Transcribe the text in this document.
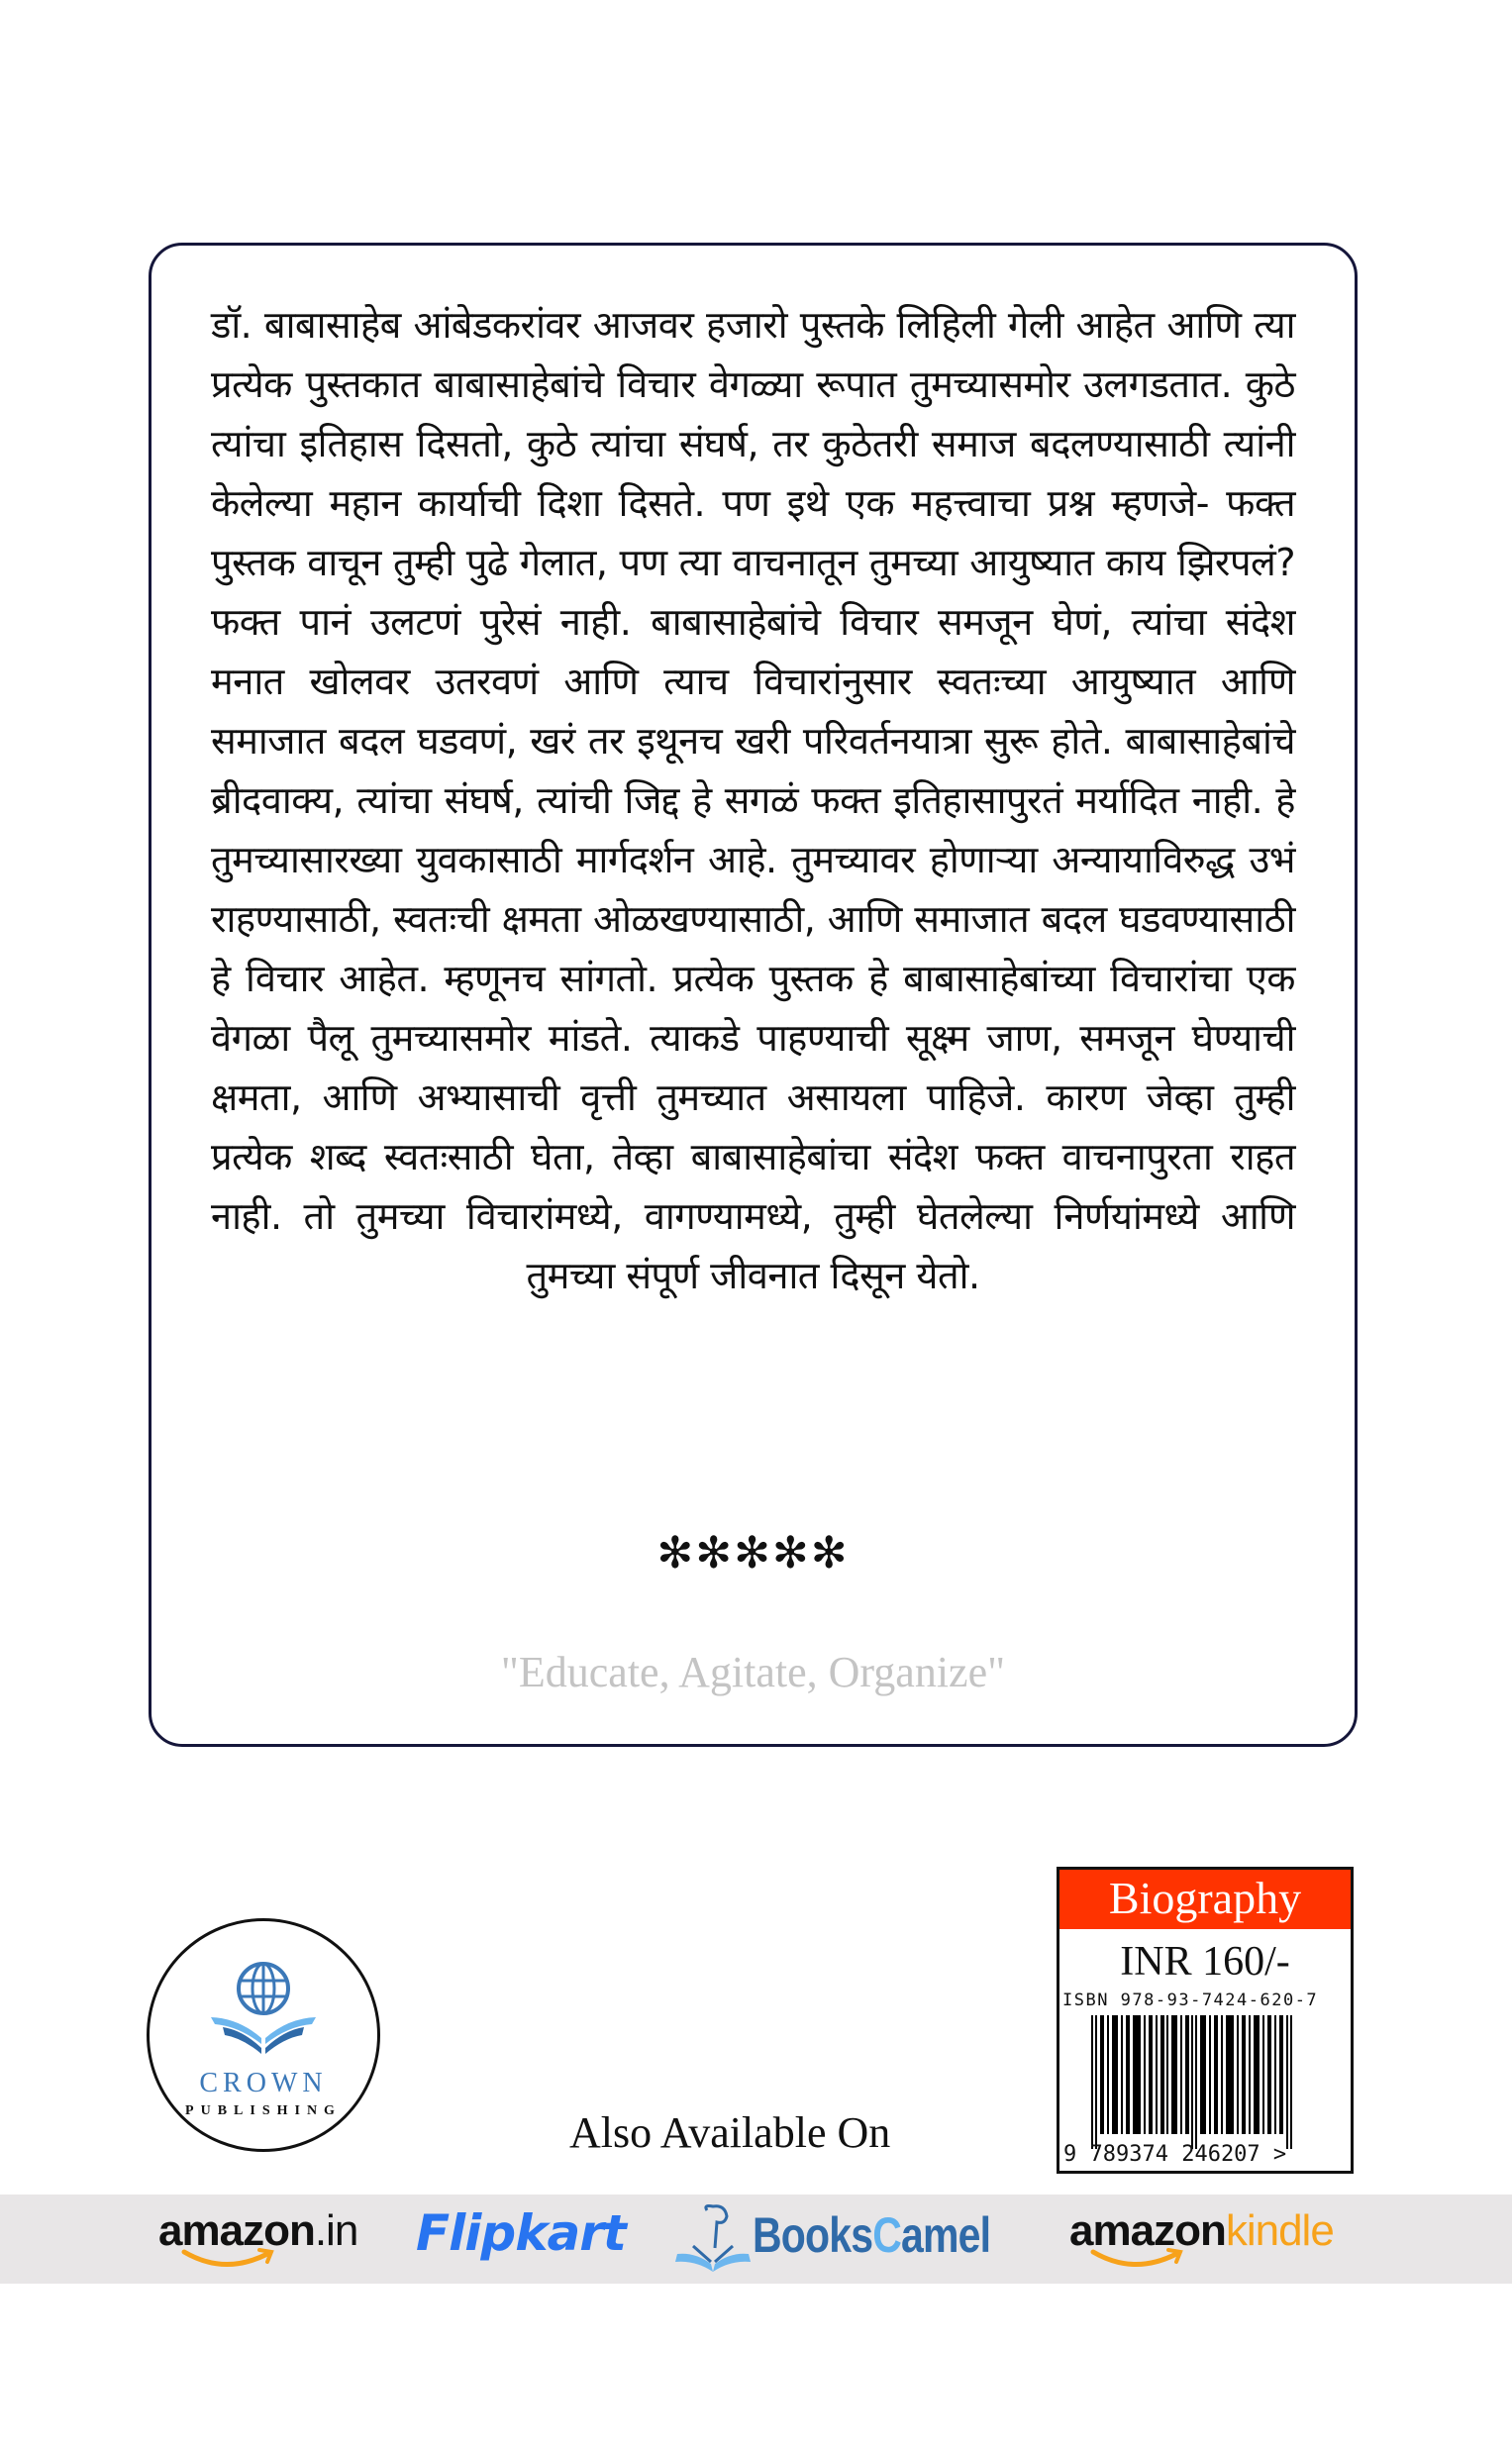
डॉ. बाबासाहेब आंबेडकरांवर आजवर हजारो पुस्तके लिहिली गेली आहेत आणि त्या प्रत्येक पुस्तकात बाबासाहेबांचे विचार वेगळ्या रूपात तुमच्यासमोर उलगडतात. कुठे त्यांचा इतिहास दिसतो, कुठे त्यांचा संघर्ष, तर कुठेतरी समाज बदलण्यासाठी त्यांनी केलेल्या महान कार्याची दिशा दिसते. पण इथे एक महत्त्वाचा प्रश्न म्हणजे- फक्त पुस्तक वाचून तुम्ही पुढे गेलात, पण त्या वाचनातून तुमच्या आयुष्यात काय झिरपलं? फक्त पानं उलटणं पुरेसं नाही. बाबासाहेबांचे विचार समजून घेणं, त्यांचा संदेश मनात खोलवर उतरवणं आणि त्याच विचारांनुसार स्वतःच्या आयुष्यात आणि समाजात बदल घडवणं, खरं तर इथूनच खरी परिवर्तनयात्रा सुरू होते. बाबासाहेबांचे ब्रीदवाक्य, त्यांचा संघर्ष, त्यांची जिद्द हे सगळं फक्त इतिहासापुरतं मर्यादित नाही. हे तुमच्यासारख्या युवकासाठी मार्गदर्शन आहे. तुमच्यावर होणाऱ्या अन्यायाविरुद्ध उभं राहण्यासाठी, स्वतःची क्षमता ओळखण्यासाठी, आणि समाजात बदल घडवण्यासाठी हे विचार आहेत. म्हणूनच सांगतो. प्रत्येक पुस्तक हे बाबासाहेबांच्या विचारांचा एक वेगळा पैलू तुमच्यासमोर मांडते. त्याकडे पाहण्याची सूक्ष्म जाण, समजून घेण्याची क्षमता, आणि अभ्यासाची वृत्ती तुमच्यात असायला पाहिजे. कारण जेव्हा तुम्ही प्रत्येक शब्द स्वतःसाठी घेता, तेव्हा बाबासाहेबांचा संदेश फक्त वाचनापुरता राहत नाही. तो तुमच्या विचारांमध्ये, वागण्यामध्ये, तुम्ही घेतलेल्या निर्णयांमध्ये आणि तुमच्या संपूर्ण जीवनात दिसून येतो.
✻✻✻✻✻
"Educate, Agitate, Organize"
CROWN
PUBLISHING	Also Available On
Biography
INR 160/-
ISBN 978-93-7424-620-7
9 789374 246207 >
amazon.in Flipkart	BooksCamel amazonkindle
